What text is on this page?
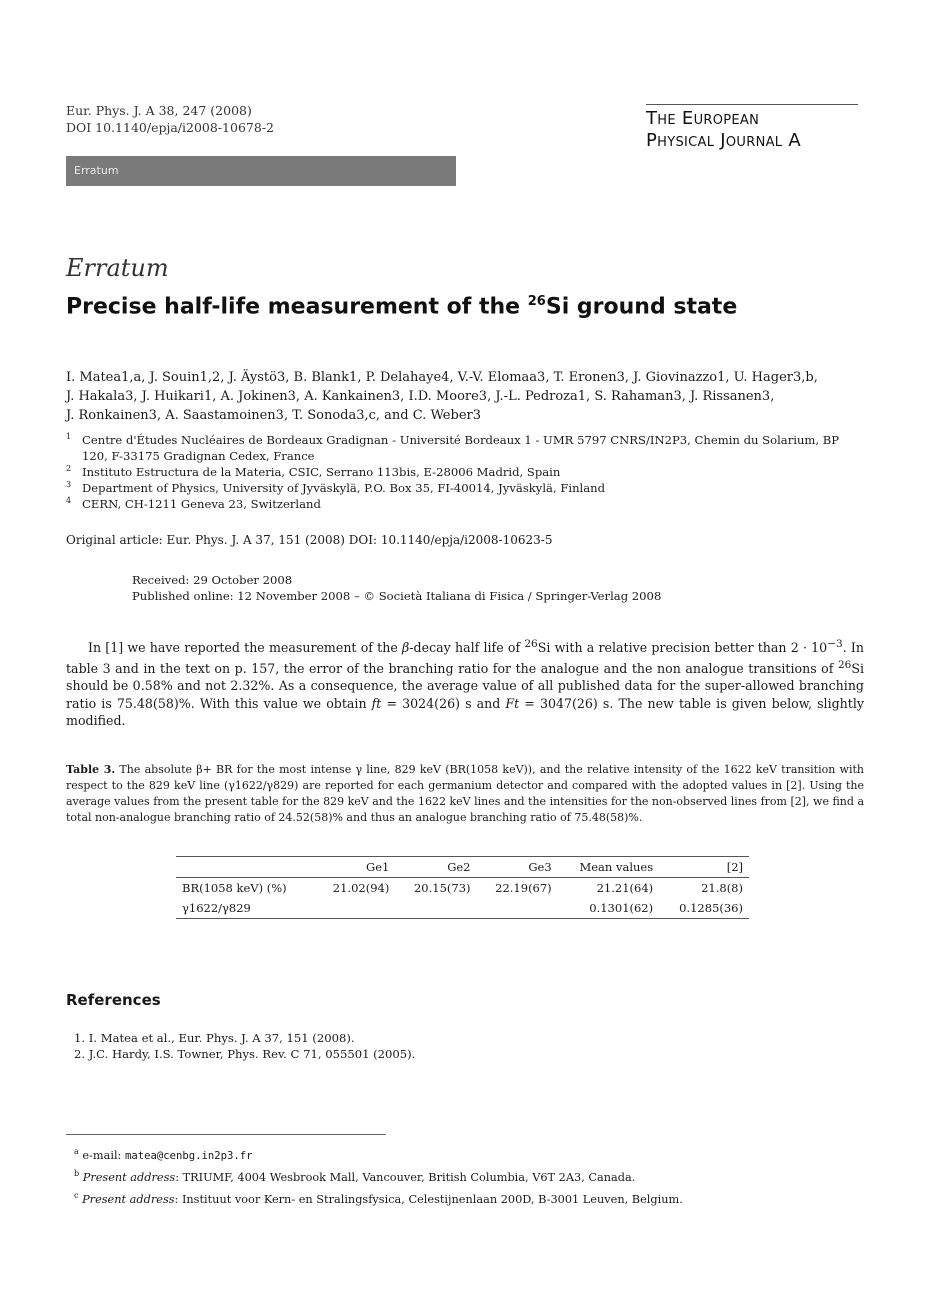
Eur. Phys. J. A 38, 247 (2008)
DOI 10.1140/epja/i2008-10678-2	The European
Physical Journal A
Erratum
Erratum
Precise half-life measurement of the $^{26}$Si ground state
I. Matea1,a, J. Souin1,2, J. Äystö3, B. Blank1, P. Delahaye4, V.-V. Elomaa3, T. Eronen3, J. Giovinazzo1, U. Hager3,b,
J. Hakala3, J. Huikari1, A. Jokinen3, A. Kankainen3, I.D. Moore3, J.-L. Pedroza1, S. Rahaman3, J. Rissanen3,
J. Ronkainen3, A. Saastamoinen3, T. Sonoda3,c, and C. Weber3
1 Centre d'Études Nucléaires de Bordeaux Gradignan - Université Bordeaux 1 - UMR 5797 CNRS/IN2P3, Chemin du Solarium, BP 120, F-33175 Gradignan Cedex, France
2 Instituto Estructura de la Materia, CSIC, Serrano 113bis, E-28006 Madrid, Spain
3 Department of Physics, University of Jyväskylä, P.O. Box 35, FI-40014, Jyväskylä, Finland
4 CERN, CH-1211 Geneva 23, Switzerland
Original article: Eur. Phys. J. A 37, 151 (2008) DOI: 10.1140/epja/i2008-10623-5
Received: 29 October 2008
Published online: 12 November 2008 – © Società Italiana di Fisica / Springer-Verlag 2008
In [1] we have reported the measurement of the β-decay half life of $^{26}$Si with a relative precision better than $2 \cdot 10^{-3}$. In table 3 and in the text on p. 157, the error of the branching ratio for the analogue and the non analogue transitions of $^{26}$Si should be 0.58% and not 2.32%. As a consequence, the average value of all published data for the super-allowed branching ratio is 75.48(58)%. With this value we obtain ft = 3024(26) s and Ft = 3047(26) s. The new table is given below, slightly modified.
Table 3. The absolute β+ BR for the most intense γ line, 829 keV (BR(1058 keV)), and the relative intensity of the 1622 keV transition with respect to the 829 keV line (γ1622/γ829) are reported for each germanium detector and compared with the adopted values in [2]. Using the average values from the present table for the 829 keV and the 1622 keV lines and the intensities for the non-observed lines from [2], we find a total non-analogue branching ratio of 24.52(58)% and thus an analogue branching ratio of 75.48(58)%.
	Ge1	Ge2	Ge3	Mean values	[2]
BR(1058 keV) (%)	21.02(94)	20.15(73)	22.19(67)	21.21(64)	21.8(8)
γ1622/γ829				0.1301(62)	0.1285(36)
References
1. I. Matea et al., Eur. Phys. J. A 37, 151 (2008).
2. J.C. Hardy, I.S. Towner, Phys. Rev. C 71, 055501 (2005).
$^a$ e-mail: matea@cenbg.in2p3.fr
$^b$ Present address: TRIUMF, 4004 Wesbrook Mall, Vancouver, British Columbia, V6T 2A3, Canada.
$^c$ Present address: Instituut voor Kern- en Stralingsfysica, Celestijnenlaan 200D, B-3001 Leuven, Belgium.
